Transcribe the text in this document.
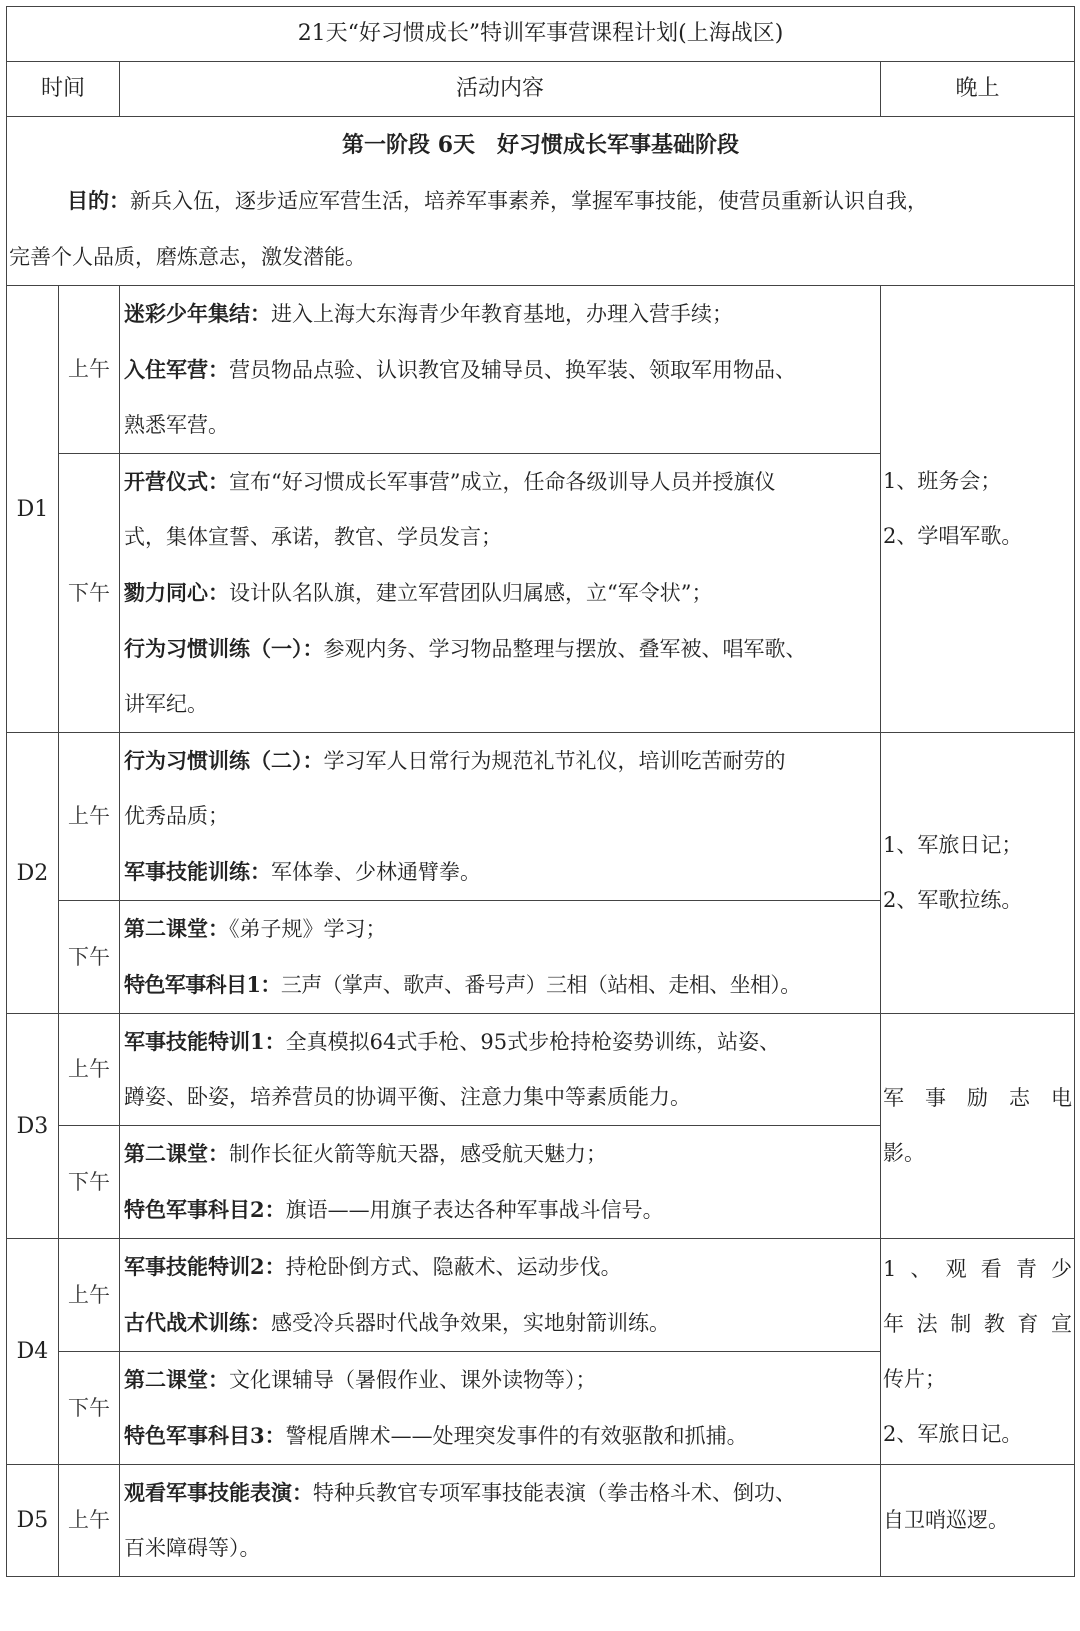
21天“好习惯成长”特训军事营课程计划(上海战区)			
时间		活动内容	晚上

第一阶段 6天　好习惯成长军事基础阶段
目的：新兵入伍，逐步适应军营生活，培养军事素养，掌握军事技能，使营员重新认识自我，
完善个人品质，磨炼意志，激发潜能。			

D1	上午	迷彩少年集结：进入上海大东海青少年教育基地，办理入营手续；
入住军营：营员物品点验、认识教官及辅导员、换军装、领取军用物品、
熟悉军营。	1、班务会；
2、学唱军歌。

	下午	开营仪式：宣布“好习惯成长军事营”成立，任命各级训导人员并授旗仪
式，集体宣誓、承诺，教官、学员发言；
勠力同心：设计队名队旗，建立军营团队归属感，立“军令状”；
行为习惯训练（一）：参观内务、学习物品整理与摆放、叠军被、唱军歌、
讲军纪。	

D2	上午	行为习惯训练（二）：学习军人日常行为规范礼节礼仪，培训吃苦耐劳的
优秀品质；
军事技能训练：军体拳、少林通臂拳。	1、军旅日记；
2、军歌拉练。

	下午	第二课堂：《弟子规》学习；
特色军事科目1：三声（掌声、歌声、番号声）三相（站相、走相、坐相）。	

D3	上午	军事技能特训1：全真模拟64式手枪、95式步枪持枪姿势训练，站姿、
蹲姿、卧姿，培养营员的协调平衡、注意力集中等素质能力。	军事励志电
影。

	下午	第二课堂：制作长征火箭等航天器，感受航天魅力；
特色军事科目2：旗语——用旗子表达各种军事战斗信号。	

D4	上午	军事技能特训2：持枪卧倒方式、隐蔽术、运动步伐。
古代战术训练：感受冷兵器时代战争效果，实地射箭训练。	1、观看青少
年法制教育宣
传片；
2、军旅日记。

	下午	第二课堂：文化课辅导（暑假作业、课外读物等）；
特色军事科目3：警棍盾牌术——处理突发事件的有效驱散和抓捕。	

D5	上午	观看军事技能表演：特种兵教官专项军事技能表演（拳击格斗术、倒功、
百米障碍等）。	自卫哨巡逻。
